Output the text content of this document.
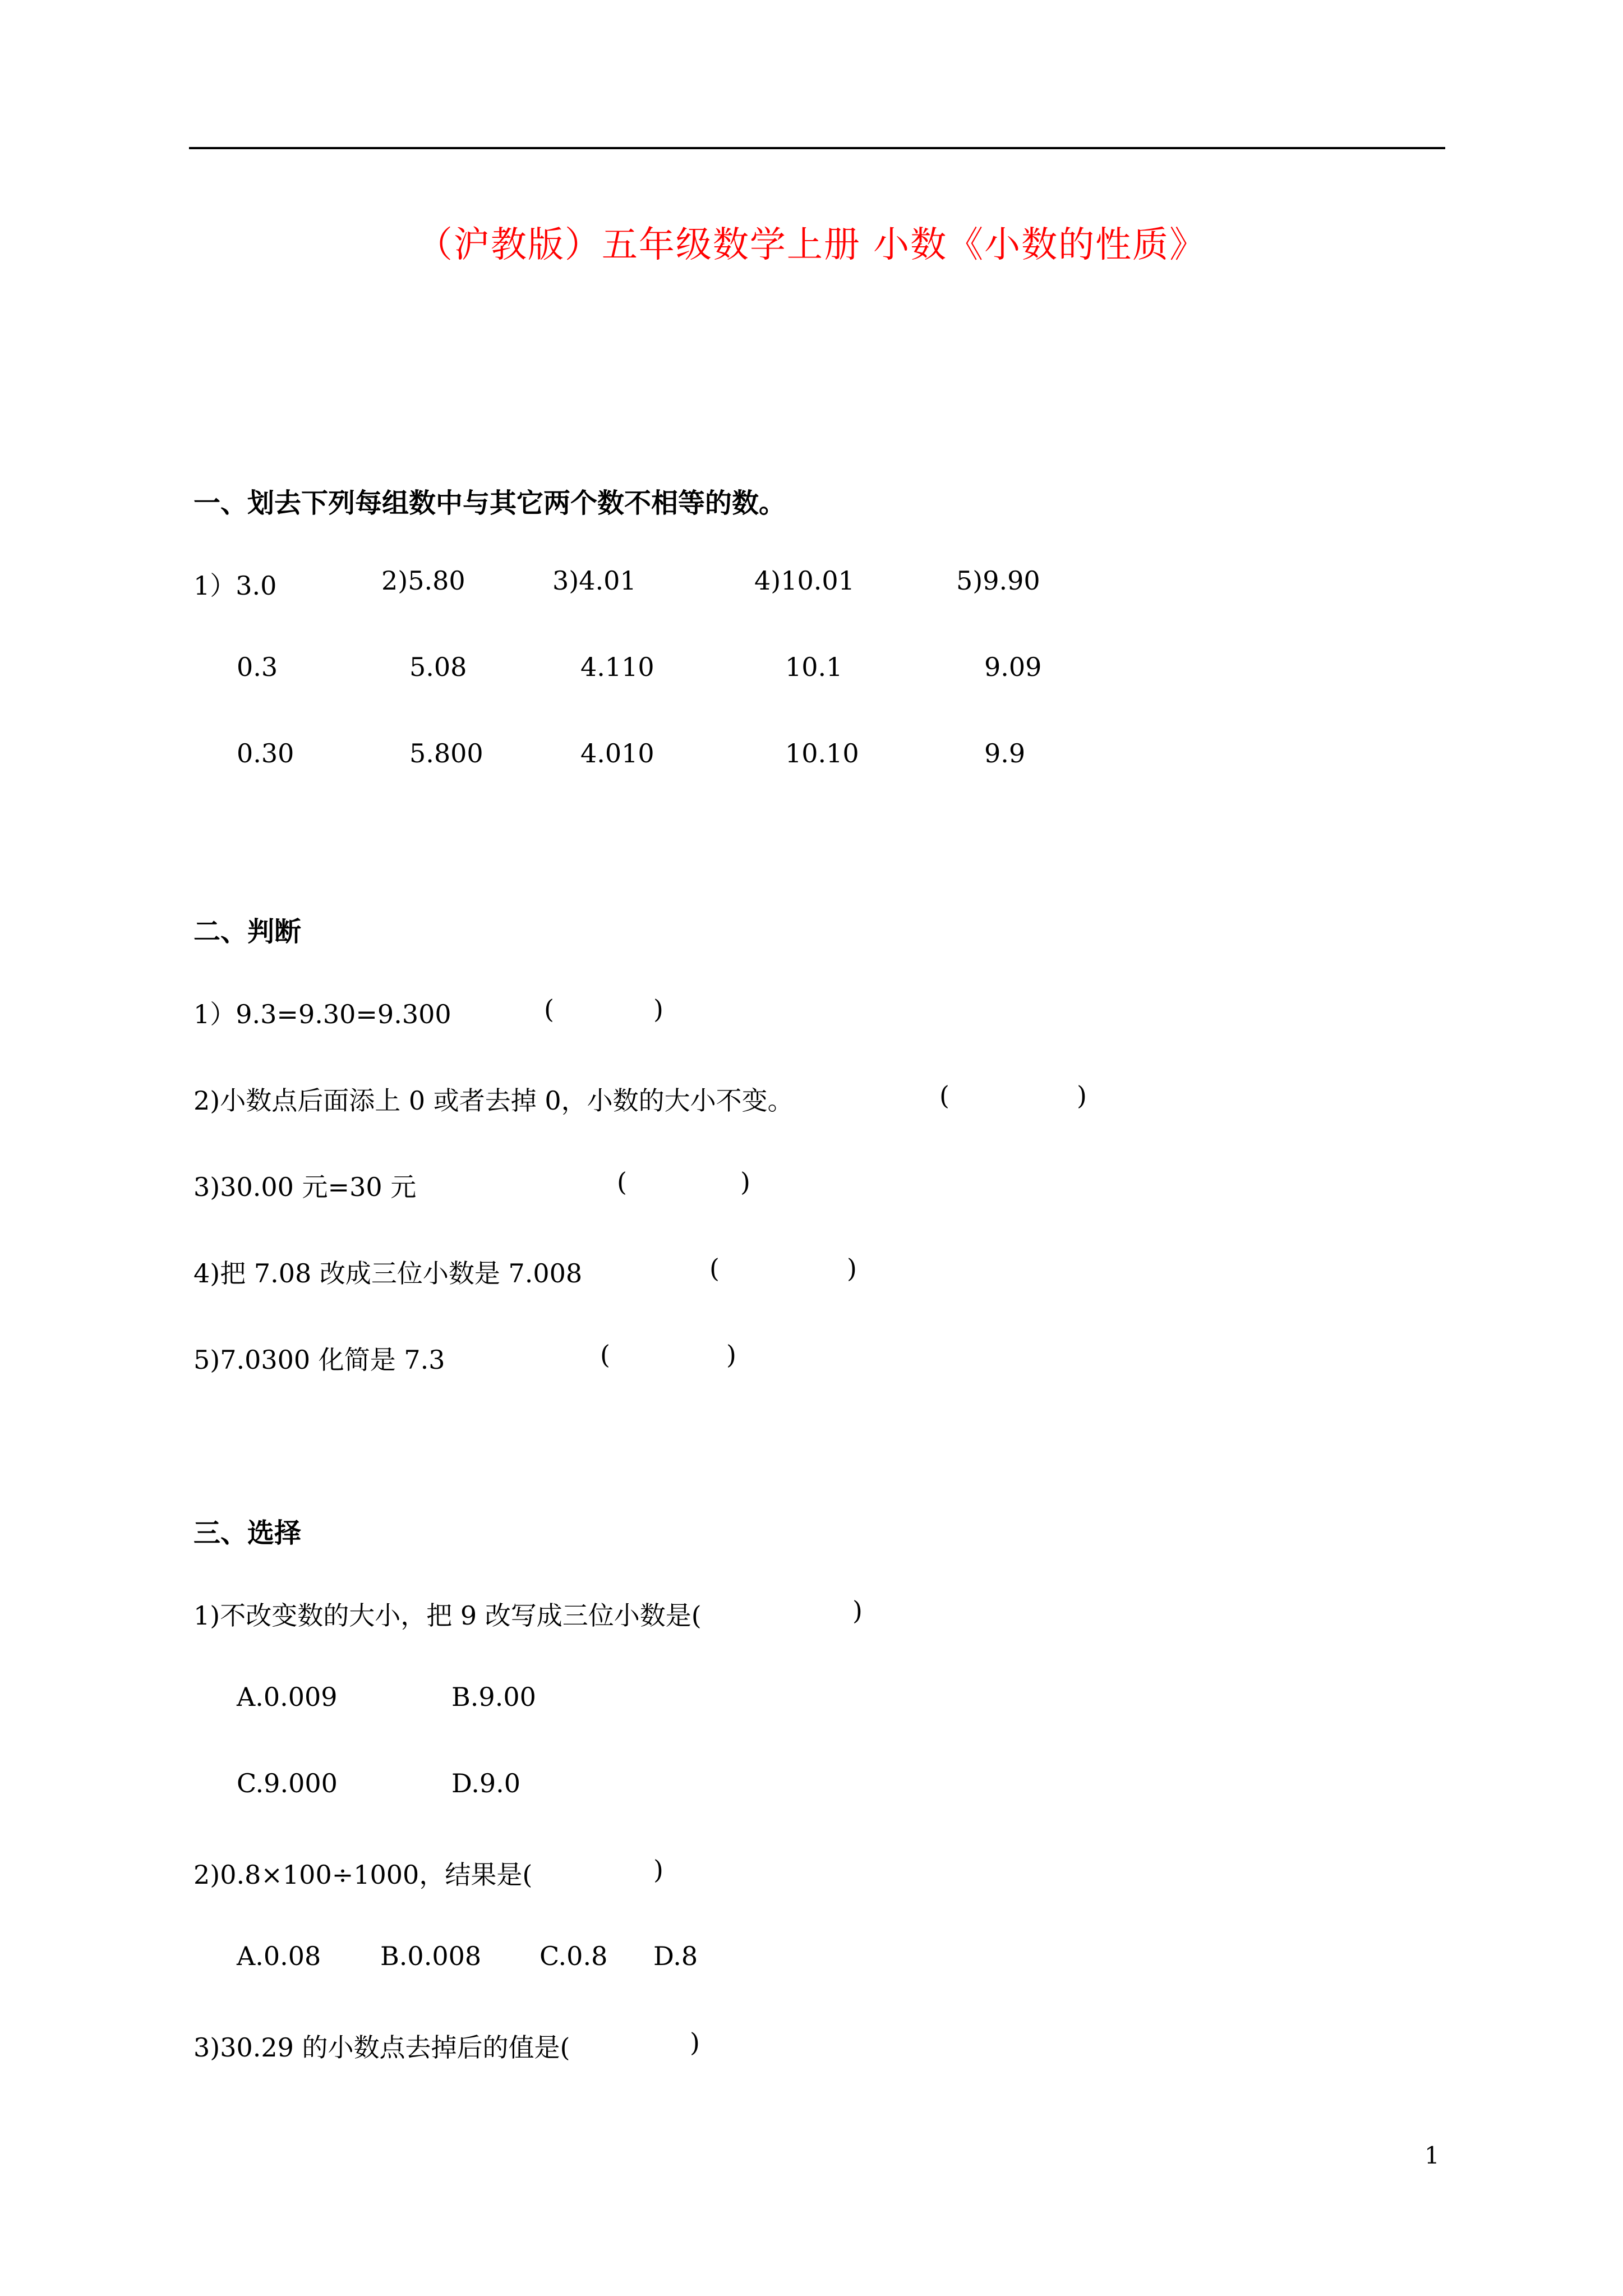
（沪教版）五年级数学上册 小数《小数的性质》
一、划去下列每组数中与其它两个数不相等的数。
1）3.0	2)5.80	3)4.01	4)10.01	5)9.90
0.3	5.08	4.110	10.1	9.09
0.30	5.800	4.010	10.10	9.9
二、判断
1）9.3=9.30=9.300	(	)
2)小数点后面添上 0 或者去掉 0，小数的大小不变。	(	)
3)30.00 元=30 元	(	)
4)把 7.08 改成三位小数是 7.008	(	)
5)7.0300 化简是 7.3	(	)
三、选择
1)不改变数的大小，把 9 改写成三位小数是(	)
A.0.009	B.9.00
C.9.000	D.9.0
2)0.8×100÷1000，结果是(	)
A.0.08 B.0.008 C.0.8 D.8
3)30.29 的小数点去掉后的值是(	)
1
